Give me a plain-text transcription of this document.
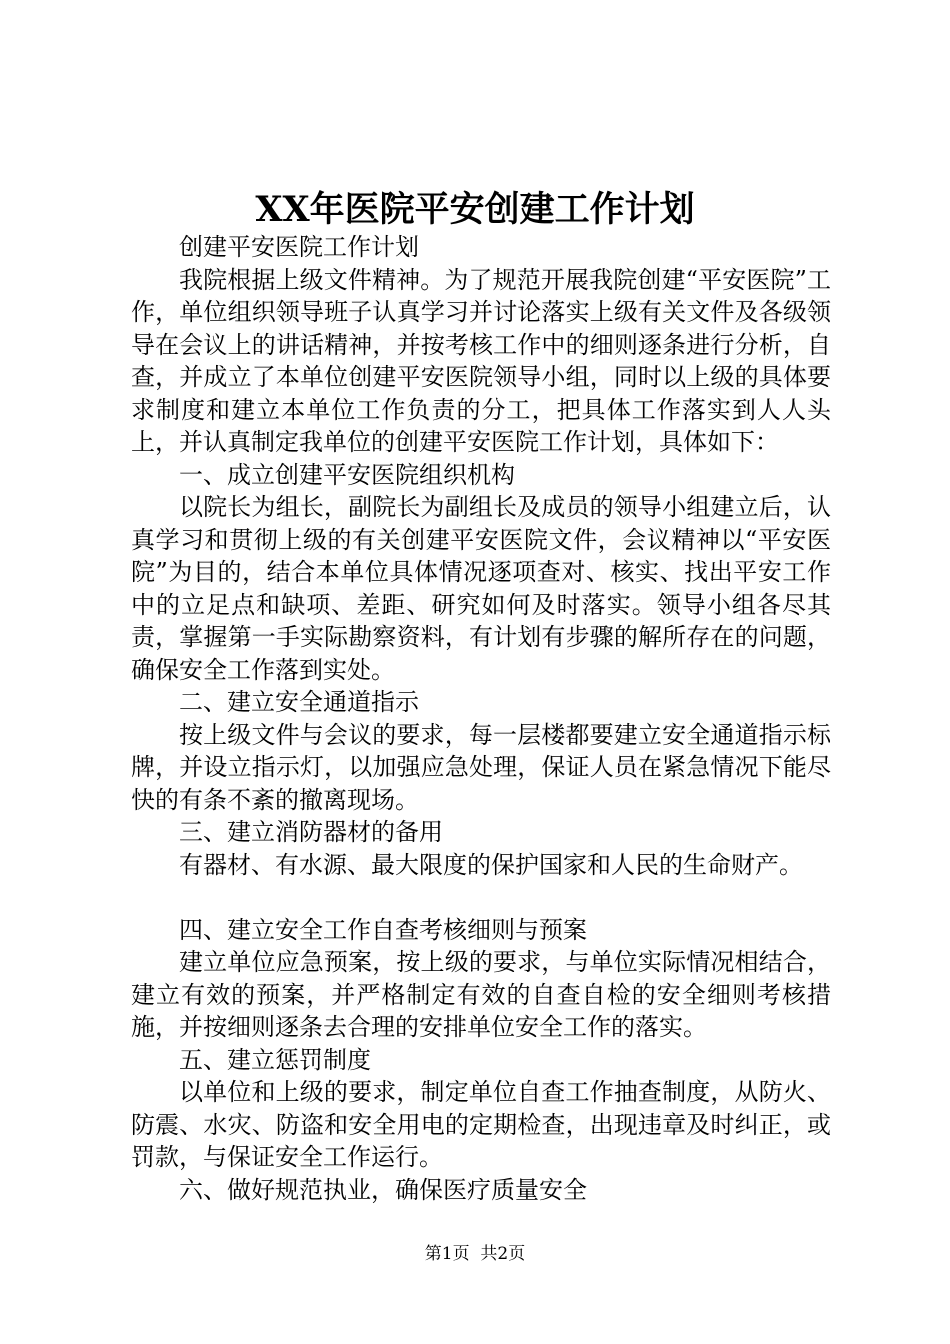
XX年医院平安创建工作计划

创建平安医院工作计划

我院根据上级文件精神。为了规范开展我院创建“平安医院”工作，单位组织领导班子认真学习并讨论落实上级有关文件及各级领导在会议上的讲话精神，并按考核工作中的细则逐条进行分析，自查，并成立了本单位创建平安医院领导小组，同时以上级的具体要求制度和建立本单位工作负责的分工，把具体工作落实到人人头上，并认真制定我单位的创建平安医院工作计划，具体如下：

一、成立创建平安医院组织机构

以院长为组长，副院长为副组长及成员的领导小组建立后，认真学习和贯彻上级的有关创建平安医院文件，会议精神以“平安医院”为目的，结合本单位具体情况逐项查对、核实、找出平安工作中的立足点和缺项、差距、研究如何及时落实。领导小组各尽其责，掌握第一手实际勘察资料，有计划有步骤的解所存在的问题，确保安全工作落到实处。

二、建立安全通道指示

按上级文件与会议的要求，每一层楼都要建立安全通道指示标牌，并设立指示灯，以加强应急处理，保证人员在紧急情况下能尽快的有条不紊的撤离现场。

三、建立消防器材的备用

有器材、有水源、最大限度的保护国家和人民的生命财产。

四、建立安全工作自查考核细则与预案

建立单位应急预案，按上级的要求，与单位实际情况相结合，建立有效的预案，并严格制定有效的自查自检的安全细则考核措施，并按细则逐条去合理的安排单位安全工作的落实。

五、建立惩罚制度

以单位和上级的要求，制定单位自查工作抽查制度，从防火、防震、水灾、防盗和安全用电的定期检查，出现违章及时纠正，或罚款，与保证安全工作运行。

六、做好规范执业，确保医疗质量安全

第1页  共2页
